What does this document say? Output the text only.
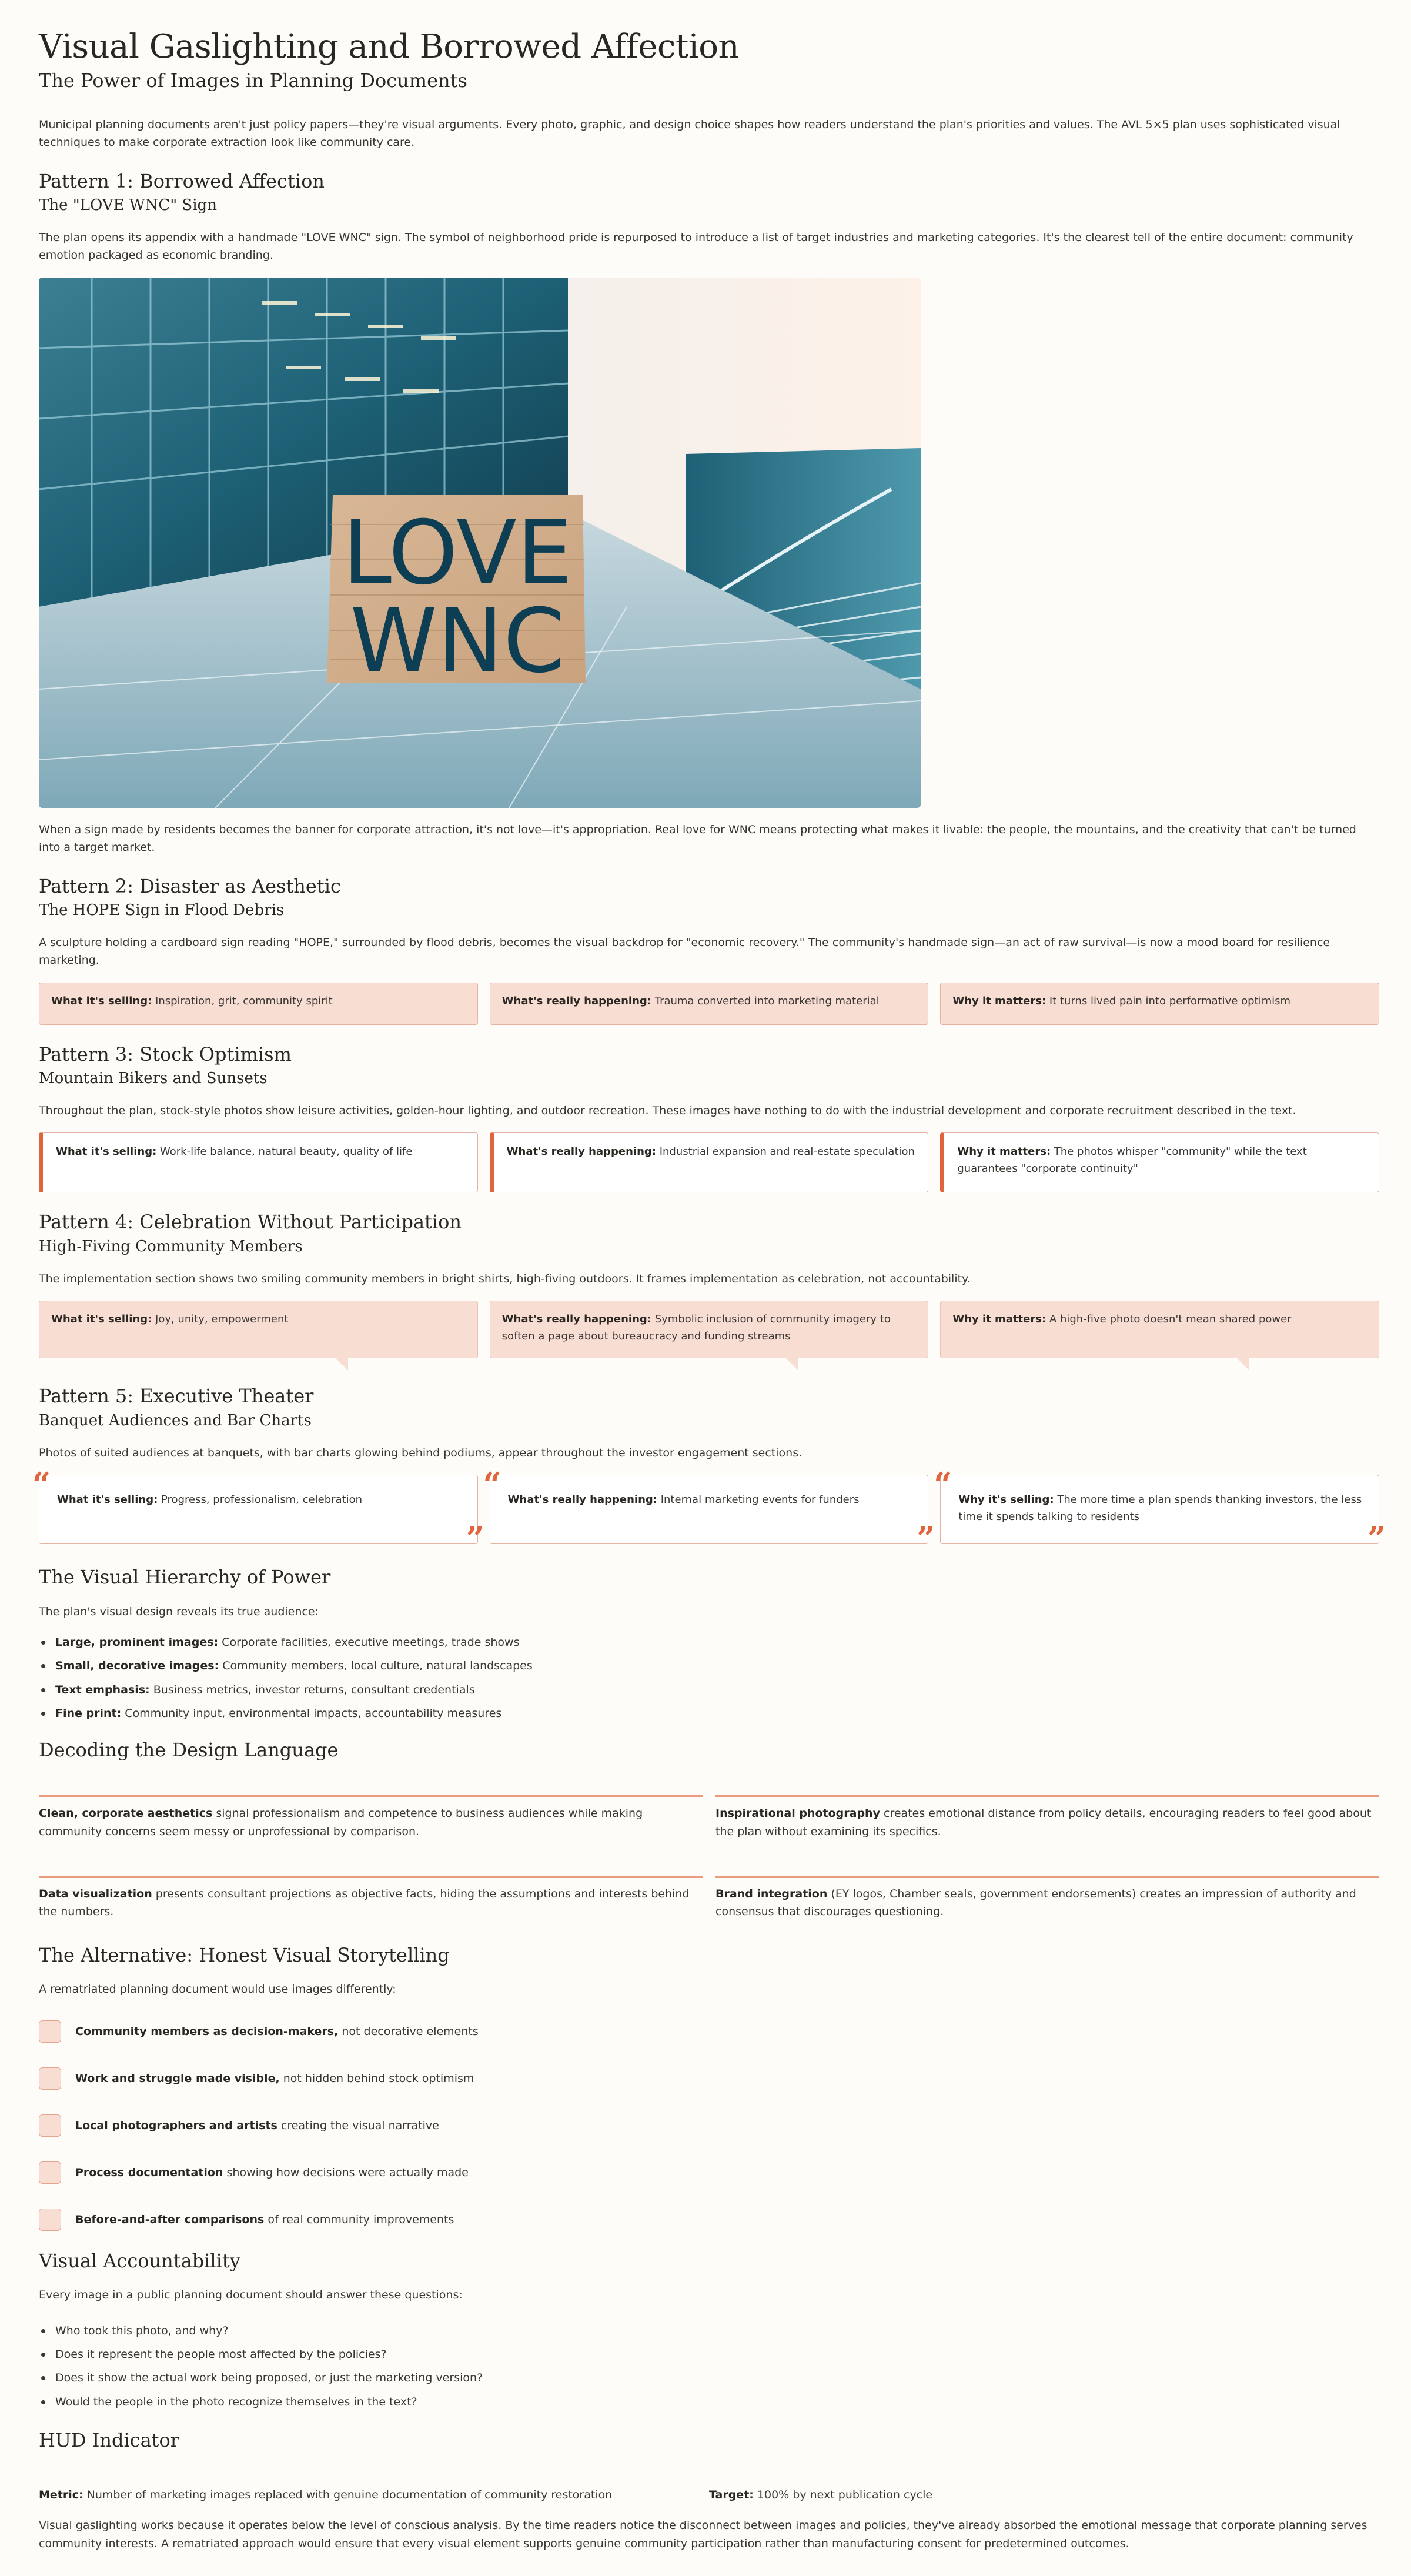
Visual Gaslighting and Borrowed Affection
The Power of Images in Planning Documents

Municipal planning documents aren't just policy papers—they're visual arguments. Every photo, graphic, and design choice shapes how readers understand the plan's priorities and values. The AVL 5×5 plan uses sophisticated visual techniques to make corporate extraction look like community care.

Pattern 1: Borrowed Affection
The "LOVE WNC" Sign

The plan opens its appendix with a handmade "LOVE WNC" sign. The symbol of neighborhood pride is repurposed to introduce a list of target industries and marketing categories. It's the clearest tell of the entire document: community emotion packaged as economic branding.

LOVE
WNC

When a sign made by residents becomes the banner for corporate attraction, it's not love—it's appropriation. Real love for WNC means protecting what makes it livable: the people, the mountains, and the creativity that can't be turned into a target market.

Pattern 2: Disaster as Aesthetic
The HOPE Sign in Flood Debris

A sculpture holding a cardboard sign reading "HOPE," surrounded by flood debris, becomes the visual backdrop for "economic recovery." The community's handmade sign—an act of raw survival—is now a mood board for resilience marketing.

What it's selling: Inspiration, grit, community spirit	What's really happening: Trauma converted into marketing material	Why it matters: It turns lived pain into performative optimism
Pattern 3: Stock Optimism
Mountain Bikers and Sunsets

Throughout the plan, stock-style photos show leisure activities, golden-hour lighting, and outdoor recreation. These images have nothing to do with the industrial development and corporate recruitment described in the text.

What it's selling: Work-life balance, natural beauty, quality of life	What's really happening: Industrial expansion and real-estate speculation	Why it matters: The photos whisper "community" while the text guarantees "corporate continuity"
Pattern 4: Celebration Without Participation
High-Fiving Community Members

The implementation section shows two smiling community members in bright shirts, high-fiving outdoors. It frames implementation as celebration, not accountability.

What it's selling: Joy, unity, empowerment	What's really happening: Symbolic inclusion of community imagery to soften a page about bureaucracy and funding streams
Why it matters: A high-five photo doesn't mean shared power
Pattern 5: Executive Theater
Banquet Audiences and Bar Charts

Photos of suited audiences at banquets, with bar charts glowing behind podiums, appear throughout the investor engagement sections.

“ What it's selling: Progress, professionalism, celebration
”
“ What's really happening: Internal marketing events for funders
”
“ Why it's selling: The more time a plan spends thanking investors, the less time it spends talking to residents
”
The Visual Hierarchy of Power

The plan's visual design reveals its true audience:

Large, prominent images: Corporate facilities, executive meetings, trade shows
Small, decorative images: Community members, local culture, natural landscapes
Text emphasis: Business metrics, investor returns, consultant credentials
Fine print: Community input, environmental impacts, accountability measures
Decoding the Design Language
Clean, corporate aesthetics signal professionalism and competence to business audiences while making community concerns seem messy or unprofessional by comparison.
Inspirational photography creates emotional distance from policy details, encouraging readers to feel good about the plan without examining its specifics.
Data visualization presents consultant projections as objective facts, hiding the assumptions and interests behind the numbers.
Brand integration (EY logos, Chamber seals, government endorsements) creates an impression of authority and consensus that discourages questioning.
The Alternative: Honest Visual Storytelling

A rematriated planning document would use images differently:

Community members as decision-makers, not decorative elements
Work and struggle made visible, not hidden behind stock optimism
Local photographers and artists creating the visual narrative
Process documentation showing how decisions were actually made
Before-and-after comparisons of real community improvements
Visual Accountability

Every image in a public planning document should answer these questions:

Who took this photo, and why?
Does it represent the people most affected by the policies?
Does it show the actual work being proposed, or just the marketing version?
Would the people in the photo recognize themselves in the text?
HUD Indicator
Metric: Number of marketing images replaced with genuine documentation of community restoration	Target: 100% by next publication cycle

Visual gaslighting works because it operates below the level of conscious analysis. By the time readers notice the disconnect between images and policies, they've already absorbed the emotional message that corporate planning serves community interests. A rematriated approach would ensure that every visual element supports genuine community participation rather than manufacturing consent for predetermined outcomes.
